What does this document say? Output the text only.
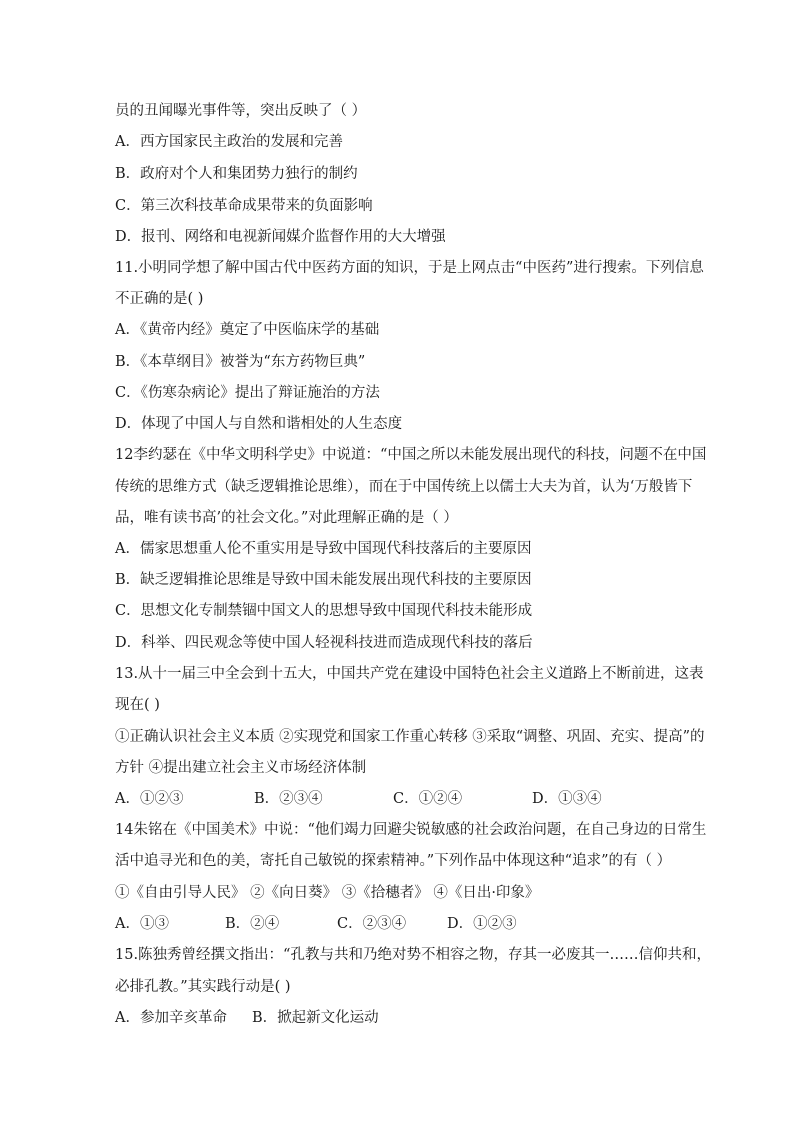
员的丑闻曝光事件等，突出反映了（ ）
A．西方国家民主政治的发展和完善
B．政府对个人和集团势力独行的制约
C．第三次科技革命成果带来的负面影响
D．报刊、网络和电视新闻媒介监督作用的大大增强
11.小明同学想了解中国古代中医药方面的知识，于是上网点击“中医药”进行搜索。下列信息
不正确的是( )
A．《黄帝内经》奠定了中医临床学的基础
B．《本草纲目》被誉为“东方药物巨典”
C．《伤寒杂病论》提出了辩证施治的方法
D．体现了中国人与自然和谐相处的人生态度
12李约瑟在《中华文明科学史》中说道：“中国之所以未能发展出现代的科技，问题不在中国
传统的思维方式（缺乏逻辑推论思维），而在于中国传统上以儒士大夫为首，认为‘万般皆下
品，唯有读书高’的社会文化。”对此理解正确的是（ ）
A．儒家思想重人伦不重实用是导致中国现代科技落后的主要原因
B．缺乏逻辑推论思维是导致中国未能发展出现代科技的主要原因
C．思想文化专制禁锢中国文人的思想导致中国现代科技未能形成
D．科举、四民观念等使中国人轻视科技进而造成现代科技的落后
13.从十一届三中全会到十五大，中国共产党在建设中国特色社会主义道路上不断前进，这表
现在( )
①正确认识社会主义本质 ②实现党和国家工作重心转移 ③采取“调整、巩固、充实、提高”的
方针 ④提出建立社会主义市场经济体制
A．①②③	B．②③④	C．①②④	D．①③④
14朱铭在《中国美术》中说：“他们竭力回避尖锐敏感的社会政治问题，在自己身边的日常生
活中追寻光和色的美，寄托自己敏锐的探索精神。”下列作品中体现这种“追求”的有（ ）
①《自由引导人民》 ②《向日葵》 ③《拾穗者》 ④《日出·印象》
A．①③	B．②④	C．②③④	D．①②③
15.陈独秀曾经撰文指出：“孔教与共和乃绝对势不相容之物，存其一必废其一……信仰共和，
必排孔教。”其实践行动是( )
A．参加辛亥革命 B．掀起新文化运动
